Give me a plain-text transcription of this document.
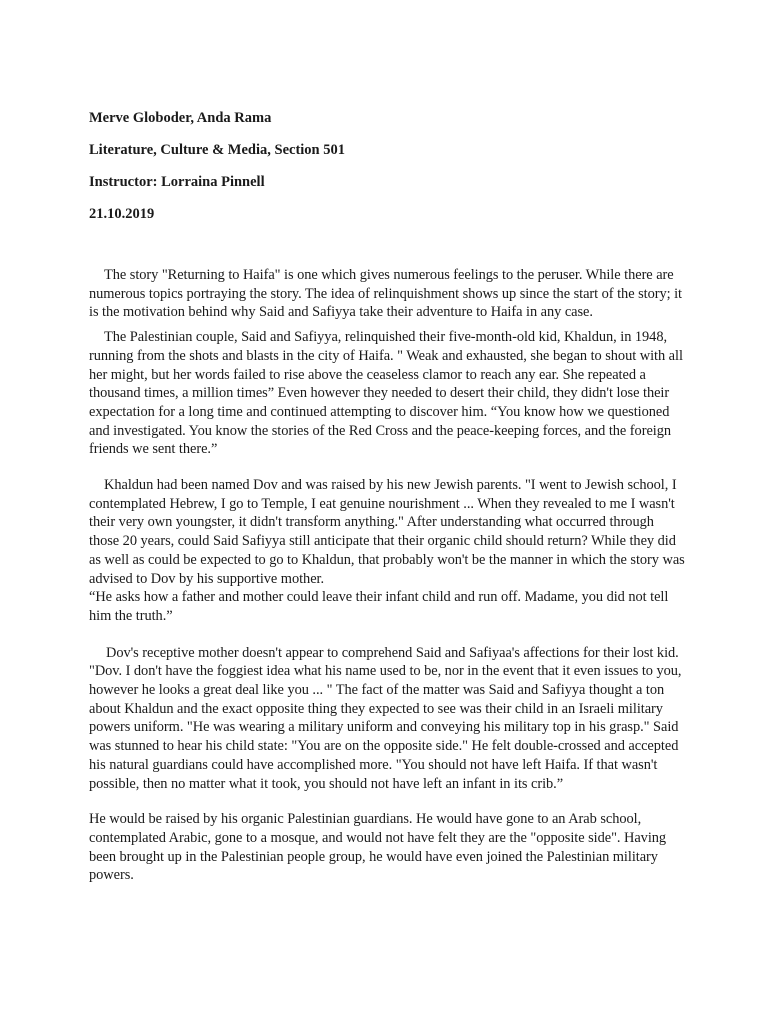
Merve Globoder, Anda Rama
Literature, Culture & Media, Section 501
Instructor: Lorraina Pinnell
21.10.2019

The story "Returning to Haifa" is one which gives numerous feelings to the peruser. While there are numerous topics portraying the story. The idea of relinquishment shows up since the start of the story; it is the motivation behind why Said and Safiyya take their adventure to Haifa in any case.

The Palestinian couple, Said and Safiyya, relinquished their five-month-old kid, Khaldun, in 1948, running from the shots and blasts in the city of Haifa. " Weak and exhausted, she began to shout with all her might, but her words failed to rise above the ceaseless clamor to reach any ear. She repeated a thousand times, a million times” Even however they needed to desert their child, they didn't lose their expectation for a long time and continued attempting to discover him. “You know how we questioned and investigated. You know the stories of the Red Cross and the peace-keeping forces, and the foreign friends we sent there.”

Khaldun had been named Dov and was raised by his new Jewish parents. "I went to Jewish school, I contemplated Hebrew, I go to Temple, I eat genuine nourishment ... When they revealed to me I wasn't their very own youngster, it didn't transform anything." After understanding what occurred through those 20 years, could Said Safiyya still anticipate that their organic child should return? While they did as well as could be expected to go to Khaldun, that probably won't be the manner in which the story was advised to Dov by his supportive mother.

“He asks how a father and mother could leave their infant child and run off. Madame, you did not tell him the truth.”

Dov's receptive mother doesn't appear to comprehend Said and Safiyaa's affections for their lost kid. "Dov. I don't have the foggiest idea what his name used to be, nor in the event that it even issues to you, however he looks a great deal like you ... " The fact of the matter was Said and Safiyya thought a ton about Khaldun and the exact opposite thing they expected to see was their child in an Israeli military powers uniform. "He was wearing a military uniform and conveying his military top in his grasp." Said was stunned to hear his child state: "You are on the opposite side." He felt double-crossed and accepted his natural guardians could have accomplished more. "You should not have left Haifa. If that wasn't possible, then no matter what it took, you should not have left an infant in its crib.”

He would be raised by his organic Palestinian guardians. He would have gone to an Arab school, contemplated Arabic, gone to a mosque, and would not have felt they are the "opposite side". Having been brought up in the Palestinian people group, he would have even joined the Palestinian military powers.
